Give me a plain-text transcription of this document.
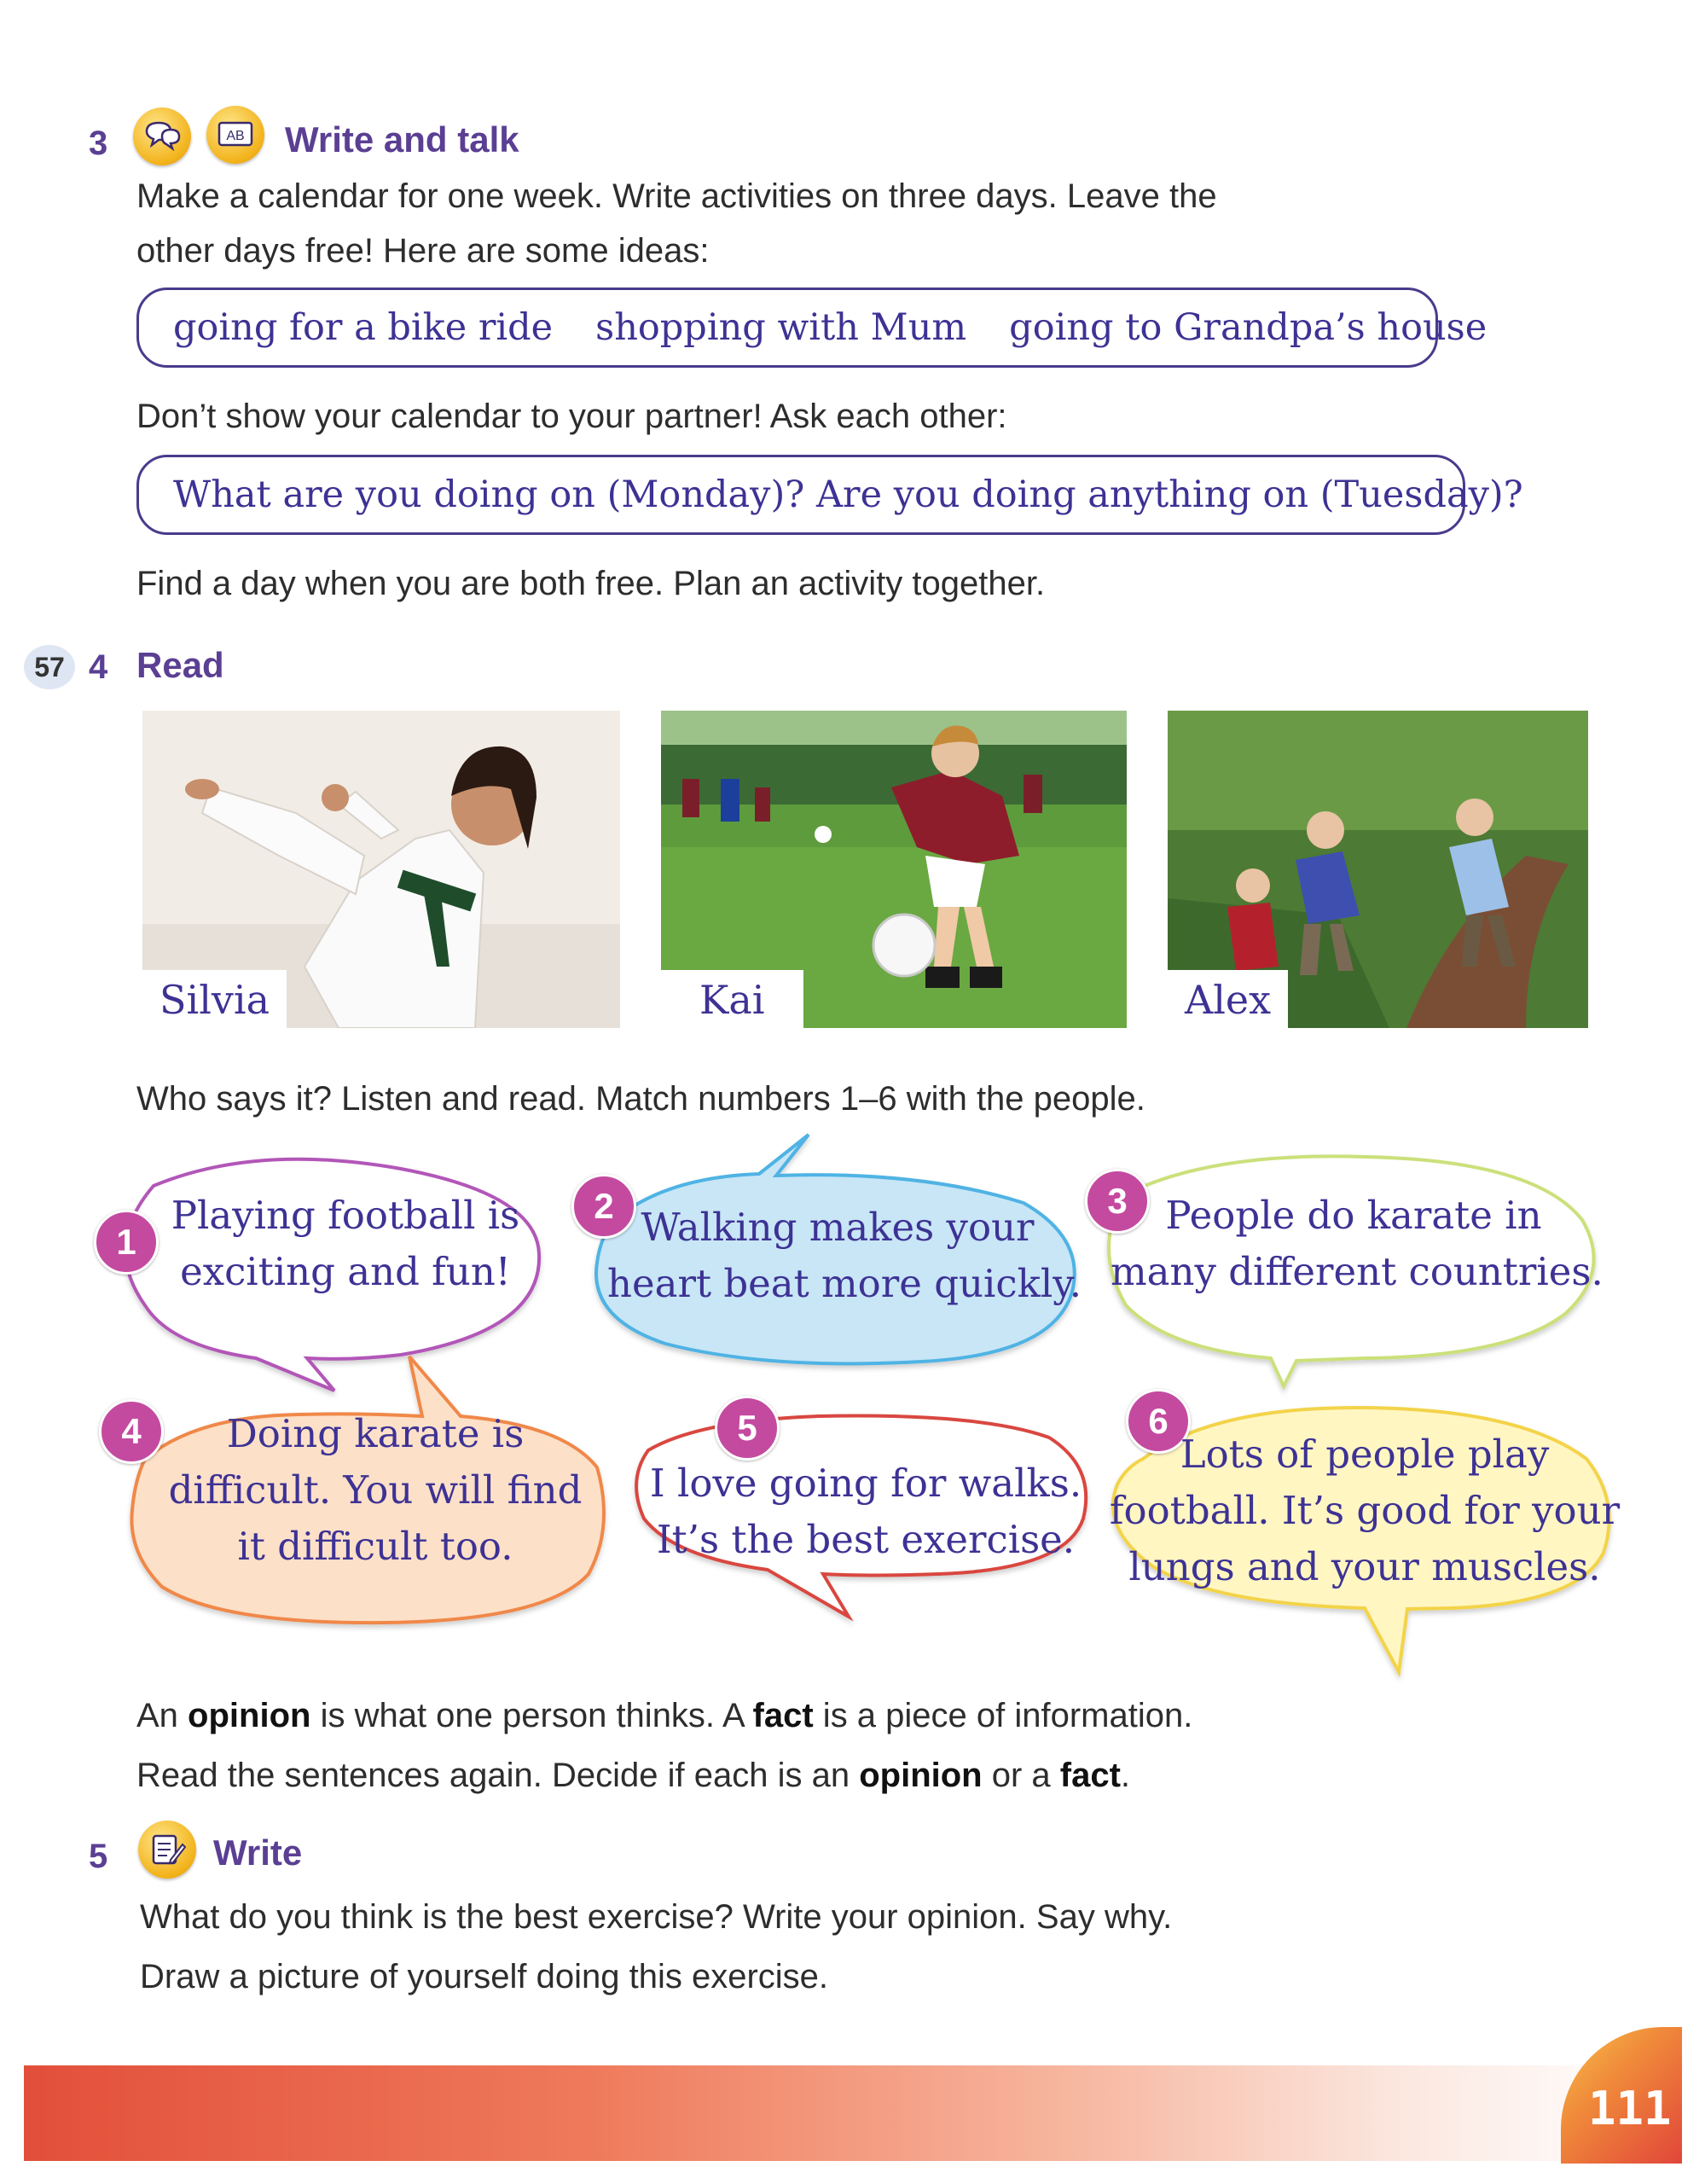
3	AB Write and talk
Make a calendar for one week. Write activities on three days. Leave the
other days free! Here are some ideas:
going for a bike ride shopping with Mum going to Grandpa’s house
Don’t show your calendar to your partner! Ask each other:
What are you doing on (Monday)? Are you doing anything on (Tuesday)?
Find a day when you are both free. Plan an activity together.
57 4 Read
Silvia	Kai	Alex
Who says it? Listen and read. Match numbers 1–6 with the people.
1
2	3
4	5	6
Playing football is
exciting and fun!
Walking makes your
heart beat more quickly.
People do karate in
many different countries.
Doing karate is
difficult. You will find
it difficult too.
I love going for walks.
It’s the best exercise.
Lots of people play
football. It’s good for your
lungs and your muscles.
An opinion is what one person thinks. A fact is a piece of information.
Read the sentences again. Decide if each is an opinion or a fact.
5	Write
What do you think is the best exercise? Write your opinion. Say why.
Draw a picture of yourself doing this exercise.
111
